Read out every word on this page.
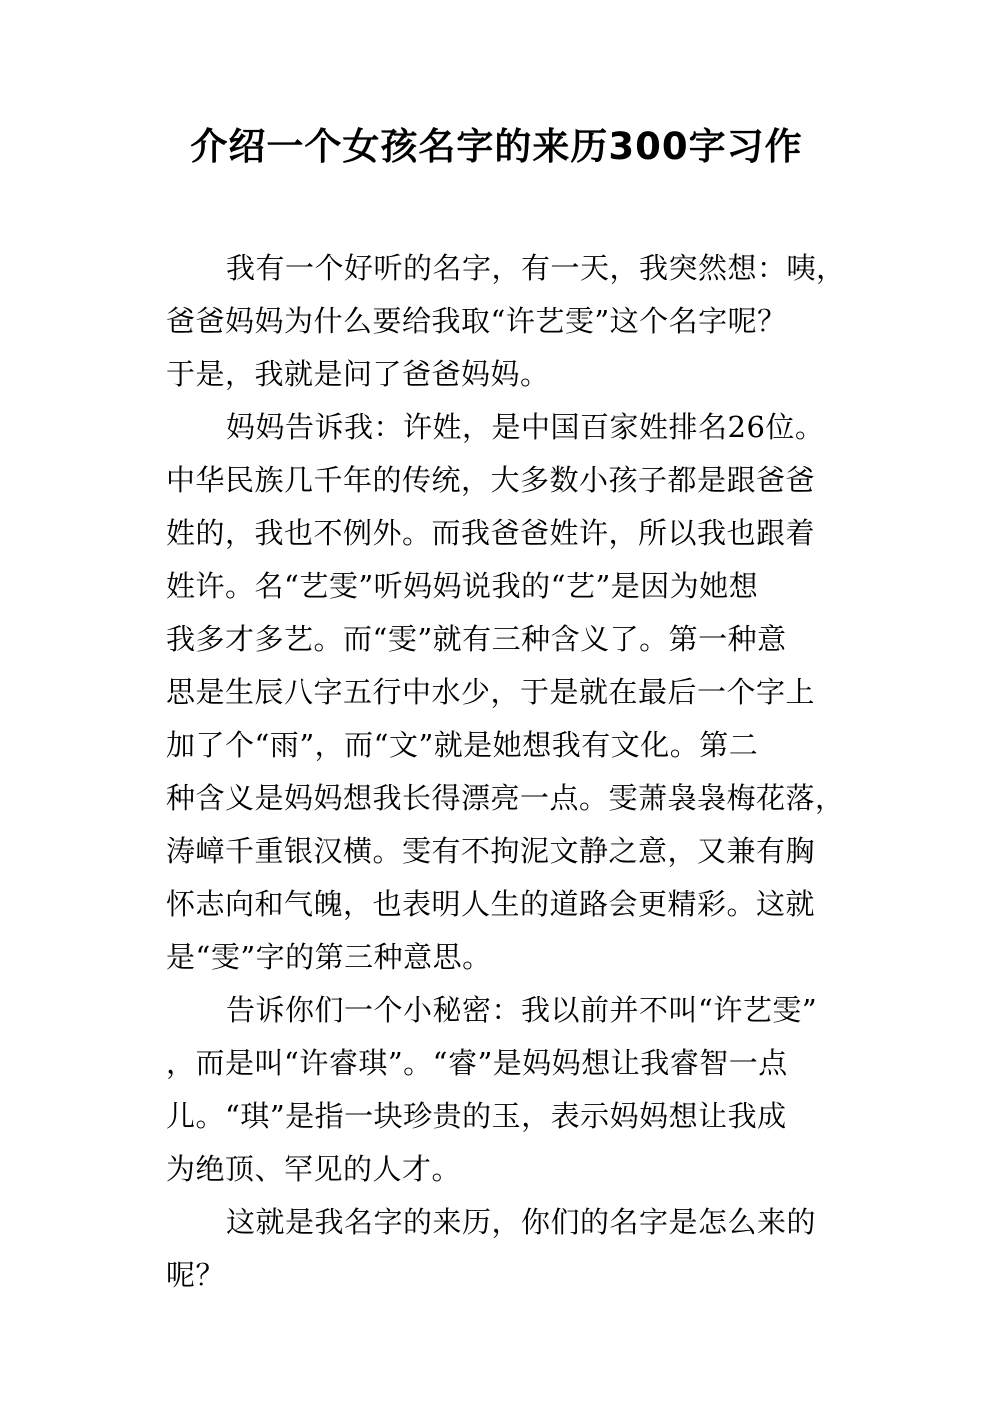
介绍一个女孩名字的来历300字习作
我有一个好听的名字，有一天，我突然想：咦，
爸爸妈妈为什么要给我取“许艺雯”这个名字呢？
于是，我就是问了爸爸妈妈。
妈妈告诉我：许姓，是中国百家姓排名26位。
中华民族几千年的传统，大多数小孩子都是跟爸爸
姓的，我也不例外。而我爸爸姓许，所以我也跟着
姓许。名“艺雯”听妈妈说我的“艺”是因为她想
我多才多艺。而“雯”就有三种含义了。第一种意
思是生辰八字五行中水少，于是就在最后一个字上
加了个“雨”，而“文”就是她想我有文化。第二
种含义是妈妈想我长得漂亮一点。雯萧袅袅梅花落，
涛嶂千重银汉横。雯有不拘泥文静之意，又兼有胸
怀志向和气魄，也表明人生的道路会更精彩。这就
是“雯”字的第三种意思。
告诉你们一个小秘密：我以前并不叫“许艺雯”
，而是叫“许睿琪”。“睿”是妈妈想让我睿智一点
儿。“琪”是指一块珍贵的玉，表示妈妈想让我成
为绝顶、罕见的人才。
这就是我名字的来历，你们的名字是怎么来的
呢？
